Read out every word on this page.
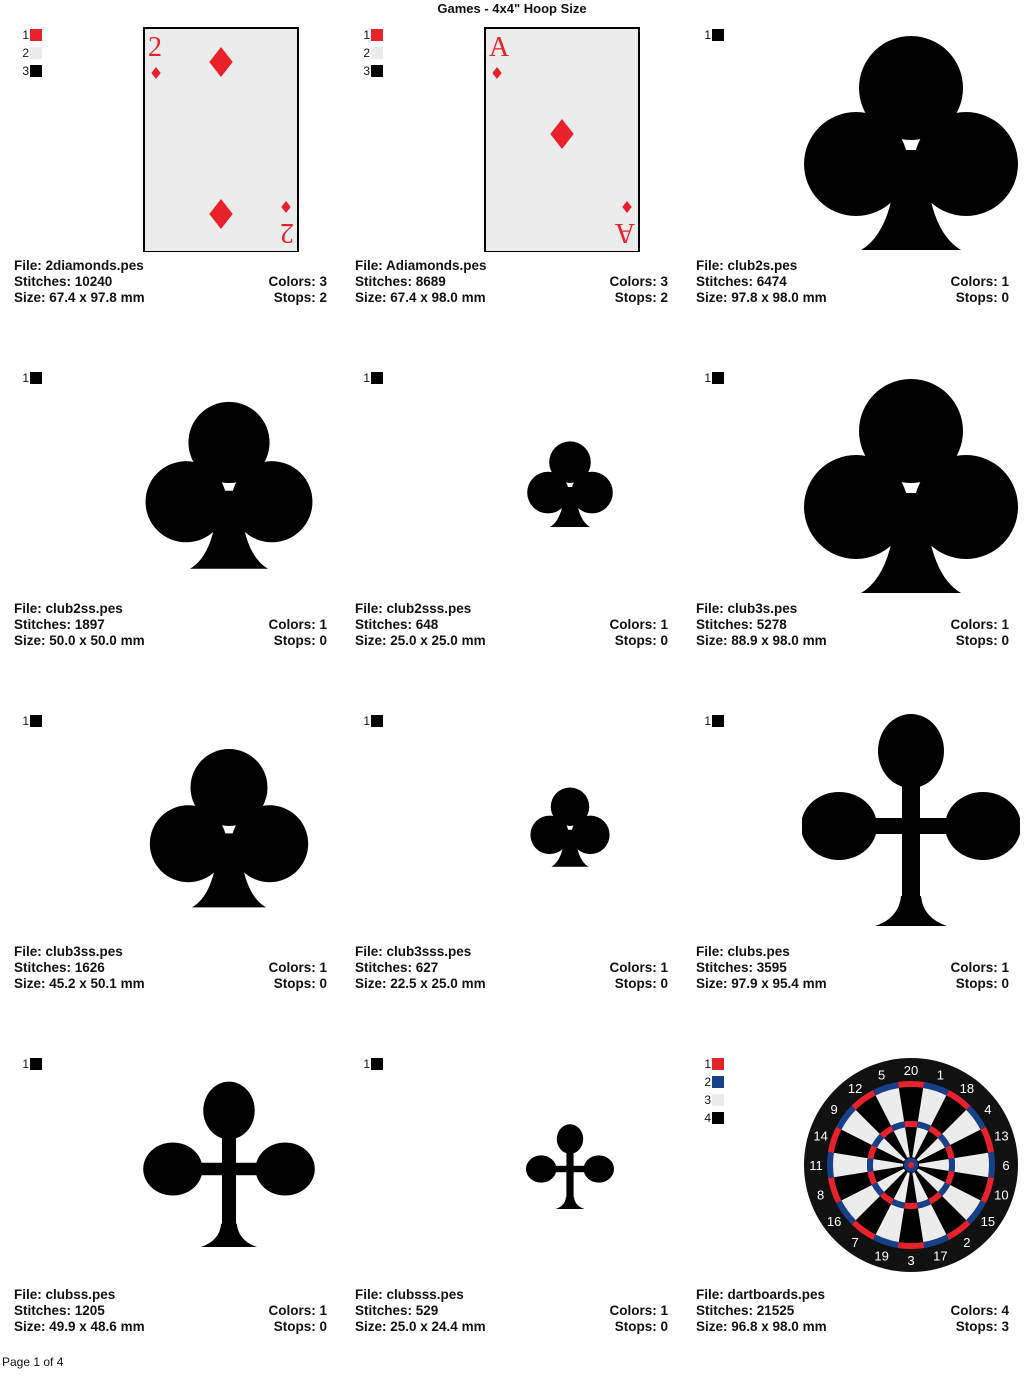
Games - 4x4" Hoop Size
1
2
3
2
2
File: 2diamonds.pes
Stitches: 10240	Colors: 3
Size: 67.4 x 97.8 mm	Stops: 2
1
2
3
A
A
File: Adiamonds.pes
Stitches: 8689	Colors: 3
Size: 67.4 x 98.0 mm	Stops: 2
1
File: club2s.pes
Stitches: 6474	Colors: 1
Size: 97.8 x 98.0 mm	Stops: 0
1
File: club2ss.pes
Stitches: 1897	Colors: 1
Size: 50.0 x 50.0 mm	Stops: 0
1
File: club2sss.pes
Stitches: 648	Colors: 1
Size: 25.0 x 25.0 mm	Stops: 0
1
File: club3s.pes
Stitches: 5278	Colors: 1
Size: 88.9 x 98.0 mm	Stops: 0
1
File: club3ss.pes
Stitches: 1626	Colors: 1
Size: 45.2 x 50.1 mm	Stops: 0
1
File: club3sss.pes
Stitches: 627	Colors: 1
Size: 22.5 x 25.0 mm	Stops: 0
1
File: clubs.pes
Stitches: 3595	Colors: 1
Size: 97.9 x 95.4 mm	Stops: 0
1
File: clubss.pes
Stitches: 1205	Colors: 1
Size: 49.9 x 48.6 mm	Stops: 0
1
File: clubsss.pes
Stitches: 529	Colors: 1
Size: 25.0 x 24.4 mm	Stops: 0
1
2
3
4
20 1
18
4
13
6
10
15
2
17
3
19
7
16
8
11
14
9
12
5
File: dartboards.pes
Stitches: 21525	Colors: 4
Size: 96.8 x 98.0 mm	Stops: 3
Page 1 of 4
